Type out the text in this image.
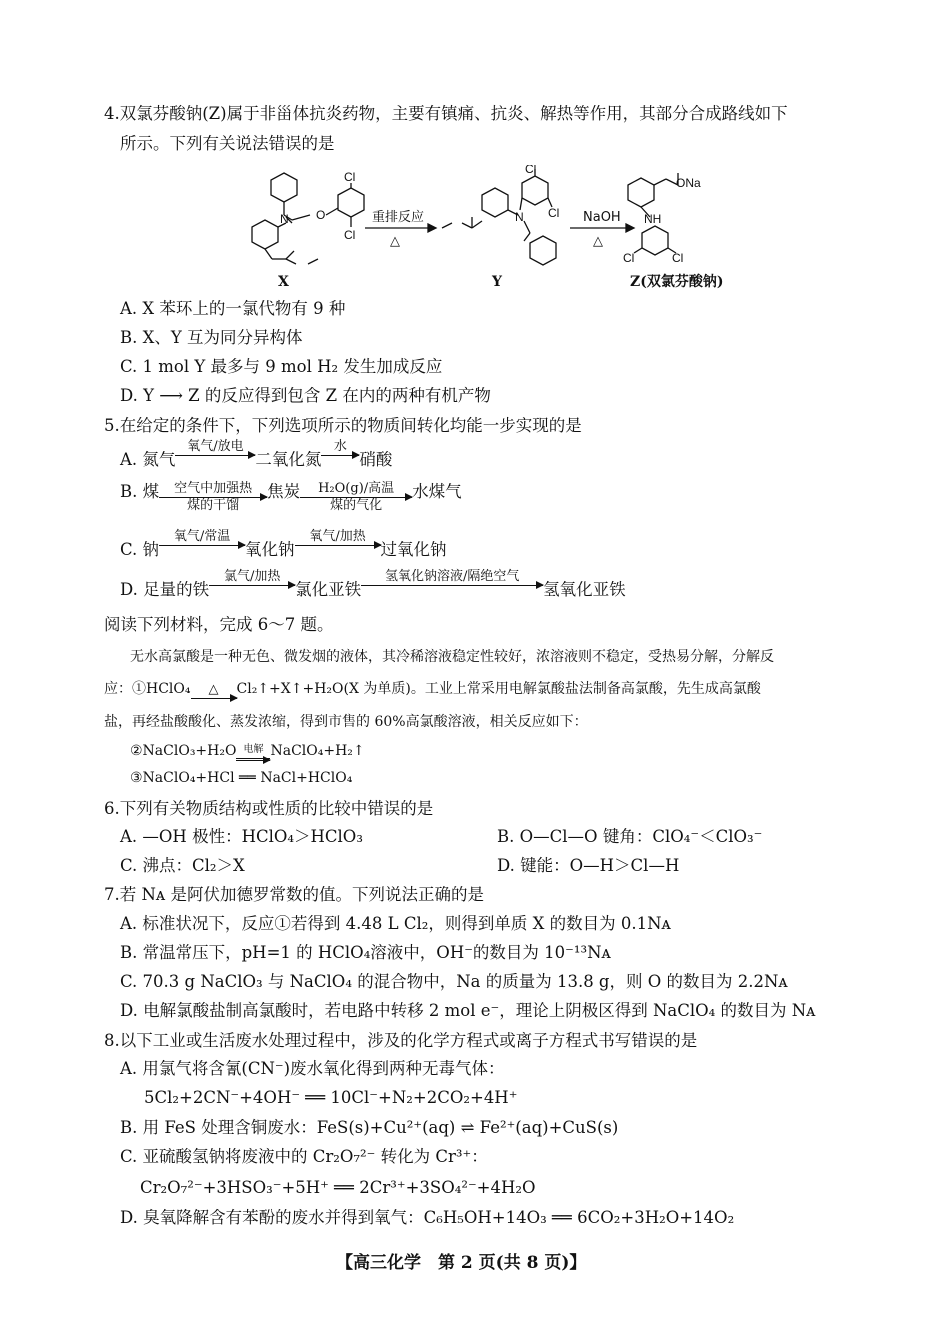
4.双氯芬酸钠(Z)属于非甾体抗炎药物，主要有镇痛、抗炎、解热等作用，其部分合成路线如下
所示。下列有关说法错误的是
O
N
Cl
Cl
Cl
Cl
N
ONa
NH
Cl	Cl
重排反应
△
NaOH
△
X	Y	Z(双氯芬酸钠)
A. X 苯环上的一氯代物有 9 种
B. X、Y 互为同分异构体
C. 1 mol Y 最多与 9 mol H₂ 发生加成反应
D. Y ⟶ Z 的反应得到包含 Z 在内的两种有机产物
5.在给定的条件下，下列选项所示的物质间转化均能一步实现的是
A. 氮气
氧气/放电

二氧化氮
水

硝酸
B. 煤	空气中加强热
煤的干馏
焦炭	H₂O(g)/高温
煤的气化
水煤气
C. 钠
氧气/常温

氧化钠
氧气/加热

过氧化钠
D. 足量的铁
氯气/加热

氯化亚铁
氢氧化钠溶液/隔绝空气

氢氧化亚铁
阅读下列材料，完成 6～7 题。
无水高氯酸是一种无色、微发烟的液体，其冷稀溶液稳定性较好，浓溶液则不稳定，受热易分解，分解反
应：①HClO₄	△	Cl₂↑+X↑+H₂O(X 为单质)。工业上常采用电解氯酸盐法制备高氯酸，先生成高氯酸
盐，再经盐酸酸化、蒸发浓缩，得到市售的 60%高氯酸溶液，相关反应如下：
②NaClO₃+H₂O 电解 NaClO₄+H₂↑
③NaClO₄+HCl ══ NaCl+HClO₄
6.下列有关物质结构或性质的比较中错误的是
A. —OH 极性：HClO₄＞HClO₃	B. O—Cl—O 键角：ClO₄⁻＜ClO₃⁻
C. 沸点：Cl₂＞X	D. 键能：O—H＞Cl—H
7.若 Nᴀ 是阿伏加德罗常数的值。下列说法正确的是
A. 标准状况下，反应①若得到 4.48 L Cl₂，则得到单质 X 的数目为 0.1Nᴀ
B. 常温常压下，pH=1 的 HClO₄溶液中，OH⁻的数目为 10⁻¹³Nᴀ
C. 70.3 g NaClO₃ 与 NaClO₄ 的混合物中，Na 的质量为 13.8 g，则 O 的数目为 2.2Nᴀ
D. 电解氯酸盐制高氯酸时，若电路中转移 2 mol e⁻，理论上阴极区得到 NaClO₄ 的数目为 Nᴀ
8.以下工业或生活废水处理过程中，涉及的化学方程式或离子方程式书写错误的是
A. 用氯气将含氰(CN⁻)废水氧化得到两种无毒气体：
5Cl₂+2CN⁻+4OH⁻ ══ 10Cl⁻+N₂+2CO₂+4H⁺
B. 用 FeS 处理含铜废水：FeS(s)+Cu²⁺(aq) ⇌ Fe²⁺(aq)+CuS(s)
C. 亚硫酸氢钠将废液中的 Cr₂O₇²⁻ 转化为 Cr³⁺：
Cr₂O₇²⁻+3HSO₃⁻+5H⁺ ══ 2Cr³⁺+3SO₄²⁻+4H₂O
D. 臭氧降解含有苯酚的废水并得到氧气：C₆H₅OH+14O₃ ══ 6CO₂+3H₂O+14O₂
【高三化学　第 2 页(共 8 页)】
